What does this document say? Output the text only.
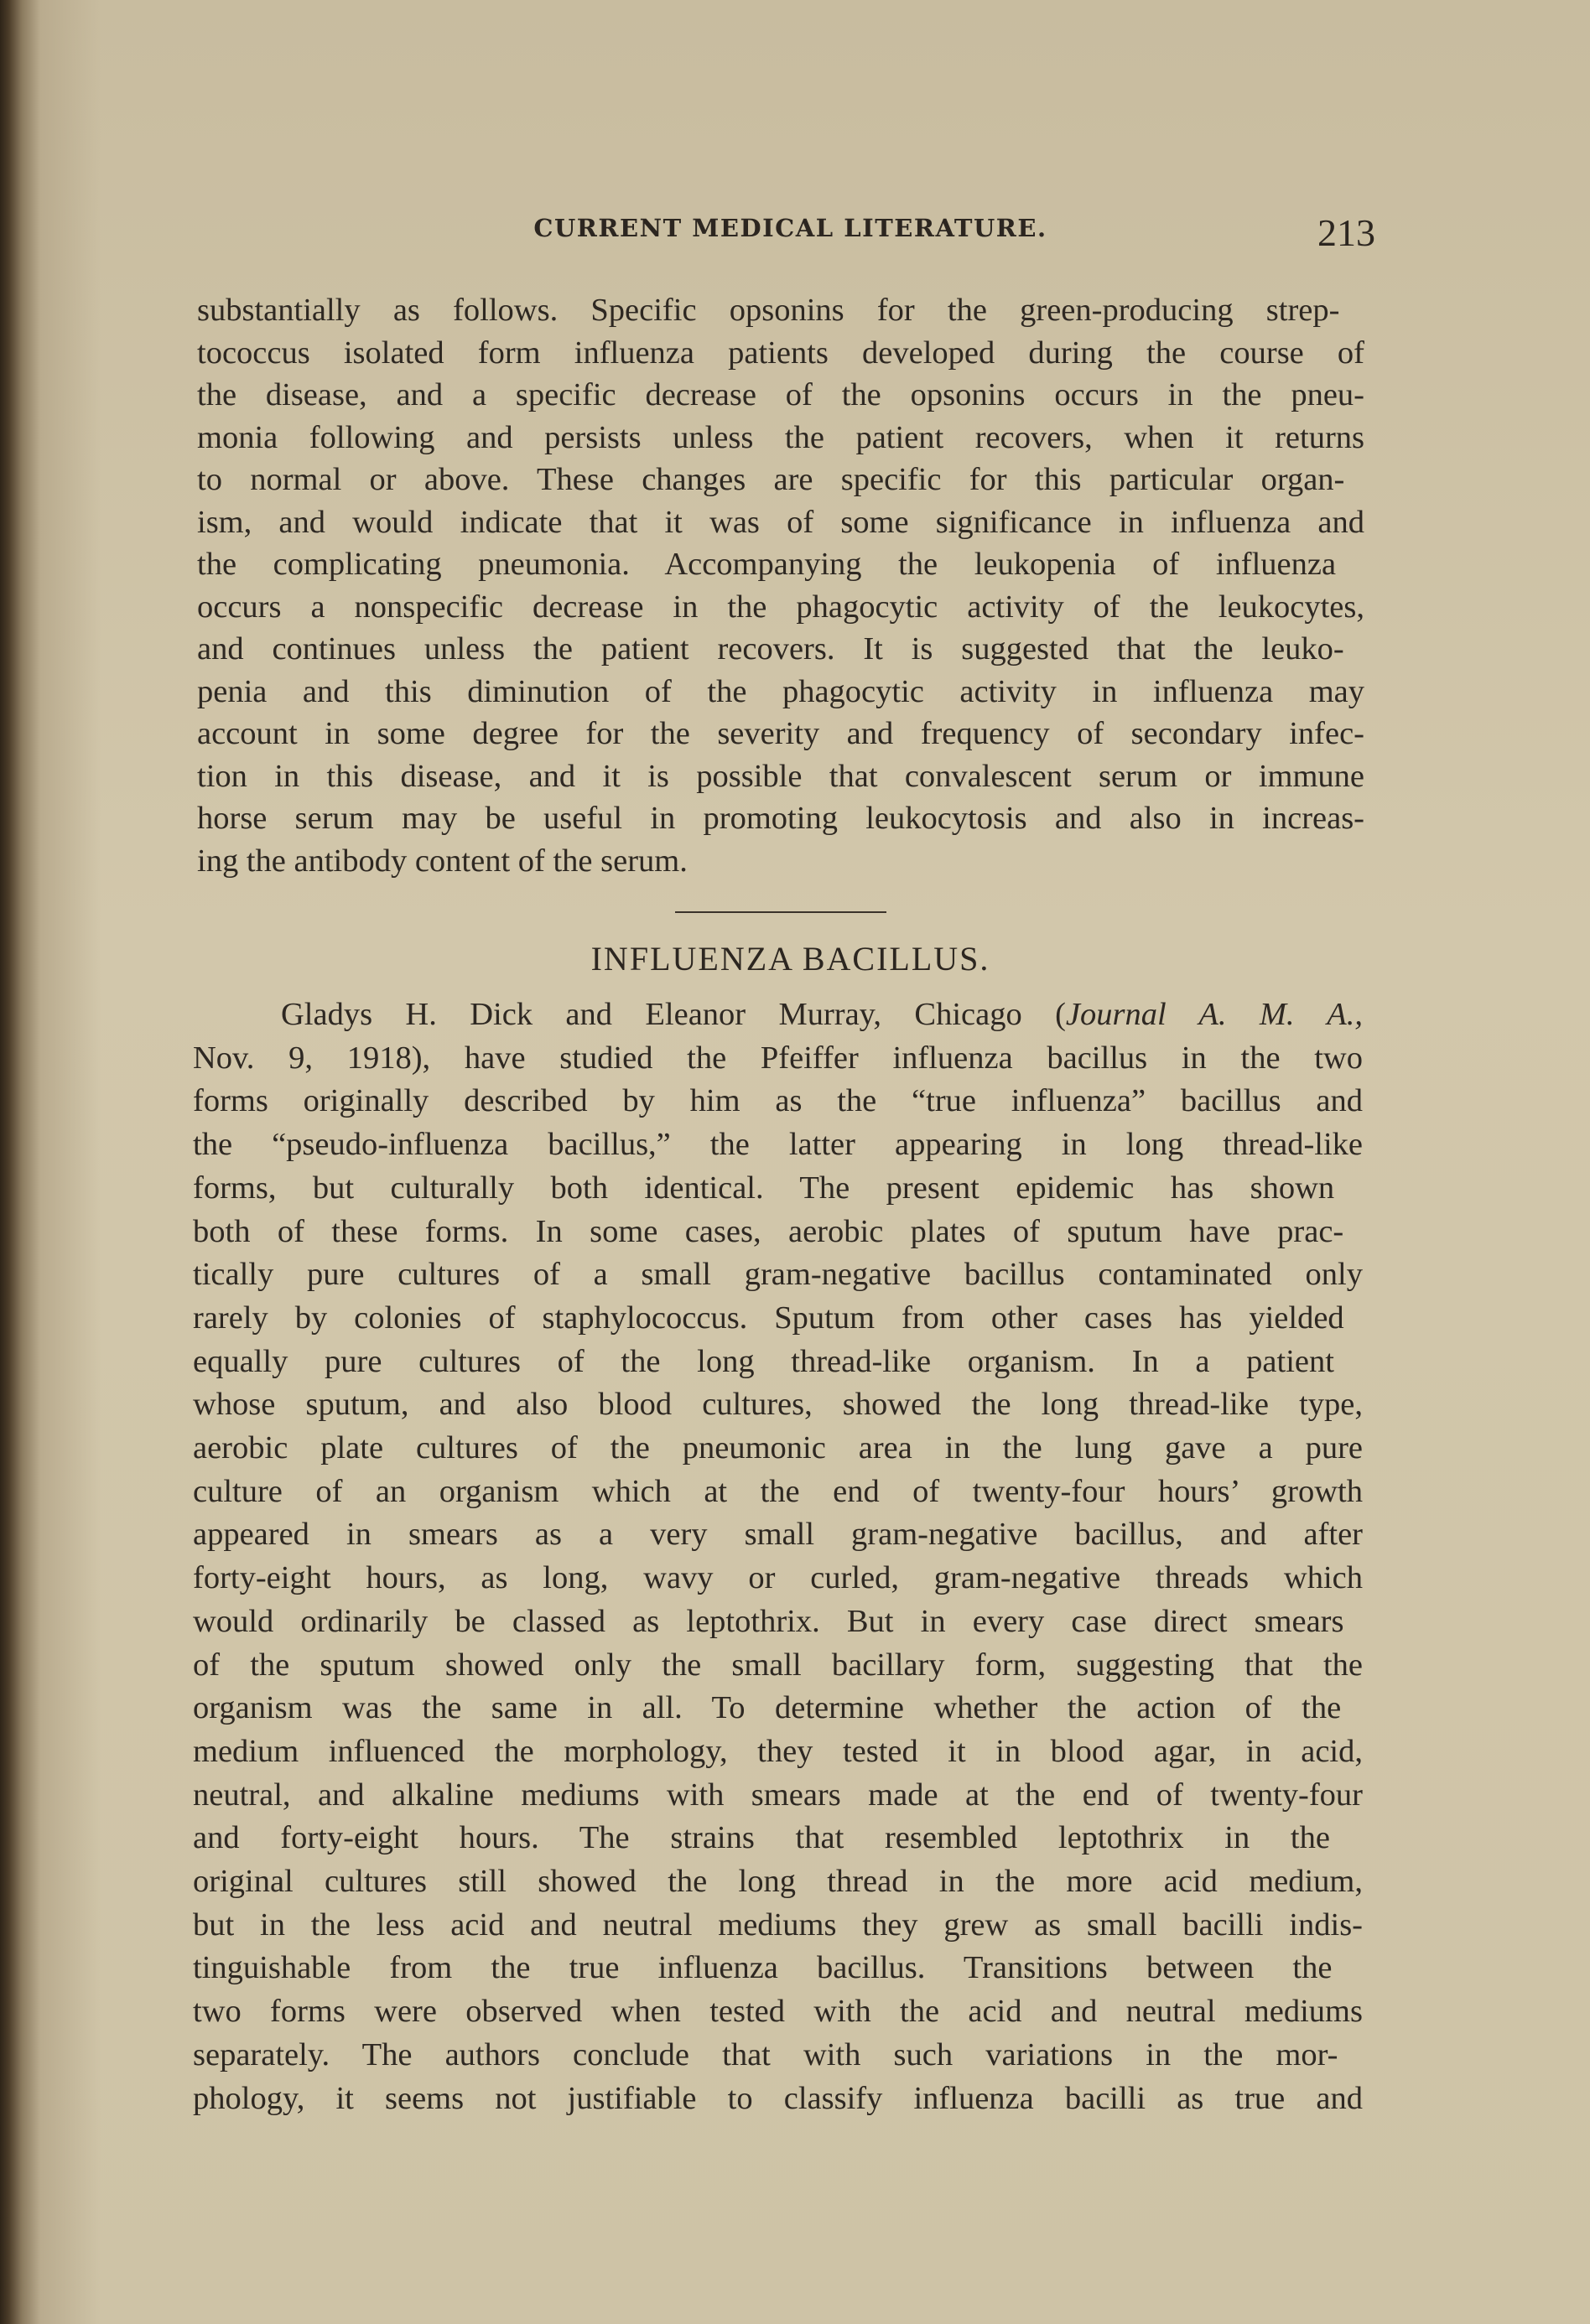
CURRENT MEDICAL LITERATURE.	213
substantially as follows. Specific opsonins for the green-producing strep-
tococcus isolated form influenza patients developed during the course of
the disease, and a specific decrease of the opsonins occurs in the pneu-
monia following and persists unless the patient recovers, when it returns
to normal or above. These changes are specific for this particular organ-
ism, and would indicate that it was of some significance in influenza and
the complicating pneumonia. Accompanying the leukopenia of influenza
occurs a nonspecific decrease in the phagocytic activity of the leukocytes,
and continues unless the patient recovers. It is suggested that the leuko-
penia and this diminution of the phagocytic activity in influenza may
account in some degree for the severity and frequency of secondary infec-
tion in this disease, and it is possible that convalescent serum or immune
horse serum may be useful in promoting leukocytosis and also in increas-
ing the antibody content of the serum.
INFLUENZA BACILLUS.
Gladys H. Dick and Eleanor Murray, Chicago (Journal A. M. A.,
Nov. 9, 1918), have studied the Pfeiffer influenza bacillus in the two
forms originally described by him as the “true influenza” bacillus and
the “pseudo-influenza bacillus,” the latter appearing in long thread-like
forms, but culturally both identical. The present epidemic has shown
both of these forms. In some cases, aerobic plates of sputum have prac-
tically pure cultures of a small gram-negative bacillus contaminated only
rarely by colonies of staphylococcus. Sputum from other cases has yielded
equally pure cultures of the long thread-like organism. In a patient
whose sputum, and also blood cultures, showed the long thread-like type,
aerobic plate cultures of the pneumonic area in the lung gave a pure
culture of an organism which at the end of twenty-four hours’ growth
appeared in smears as a very small gram-negative bacillus, and after
forty-eight hours, as long, wavy or curled, gram-negative threads which
would ordinarily be classed as leptothrix. But in every case direct smears
of the sputum showed only the small bacillary form, suggesting that the
organism was the same in all. To determine whether the action of the
medium influenced the morphology, they tested it in blood agar, in acid,
neutral, and alkaline mediums with smears made at the end of twenty-four
and forty-eight hours. The strains that resembled leptothrix in the
original cultures still showed the long thread in the more acid medium,
but in the less acid and neutral mediums they grew as small bacilli indis-
tinguishable from the true influenza bacillus. Transitions between the
two forms were observed when tested with the acid and neutral mediums
separately. The authors conclude that with such variations in the mor-
phology, it seems not justifiable to classify influenza bacilli as true and
